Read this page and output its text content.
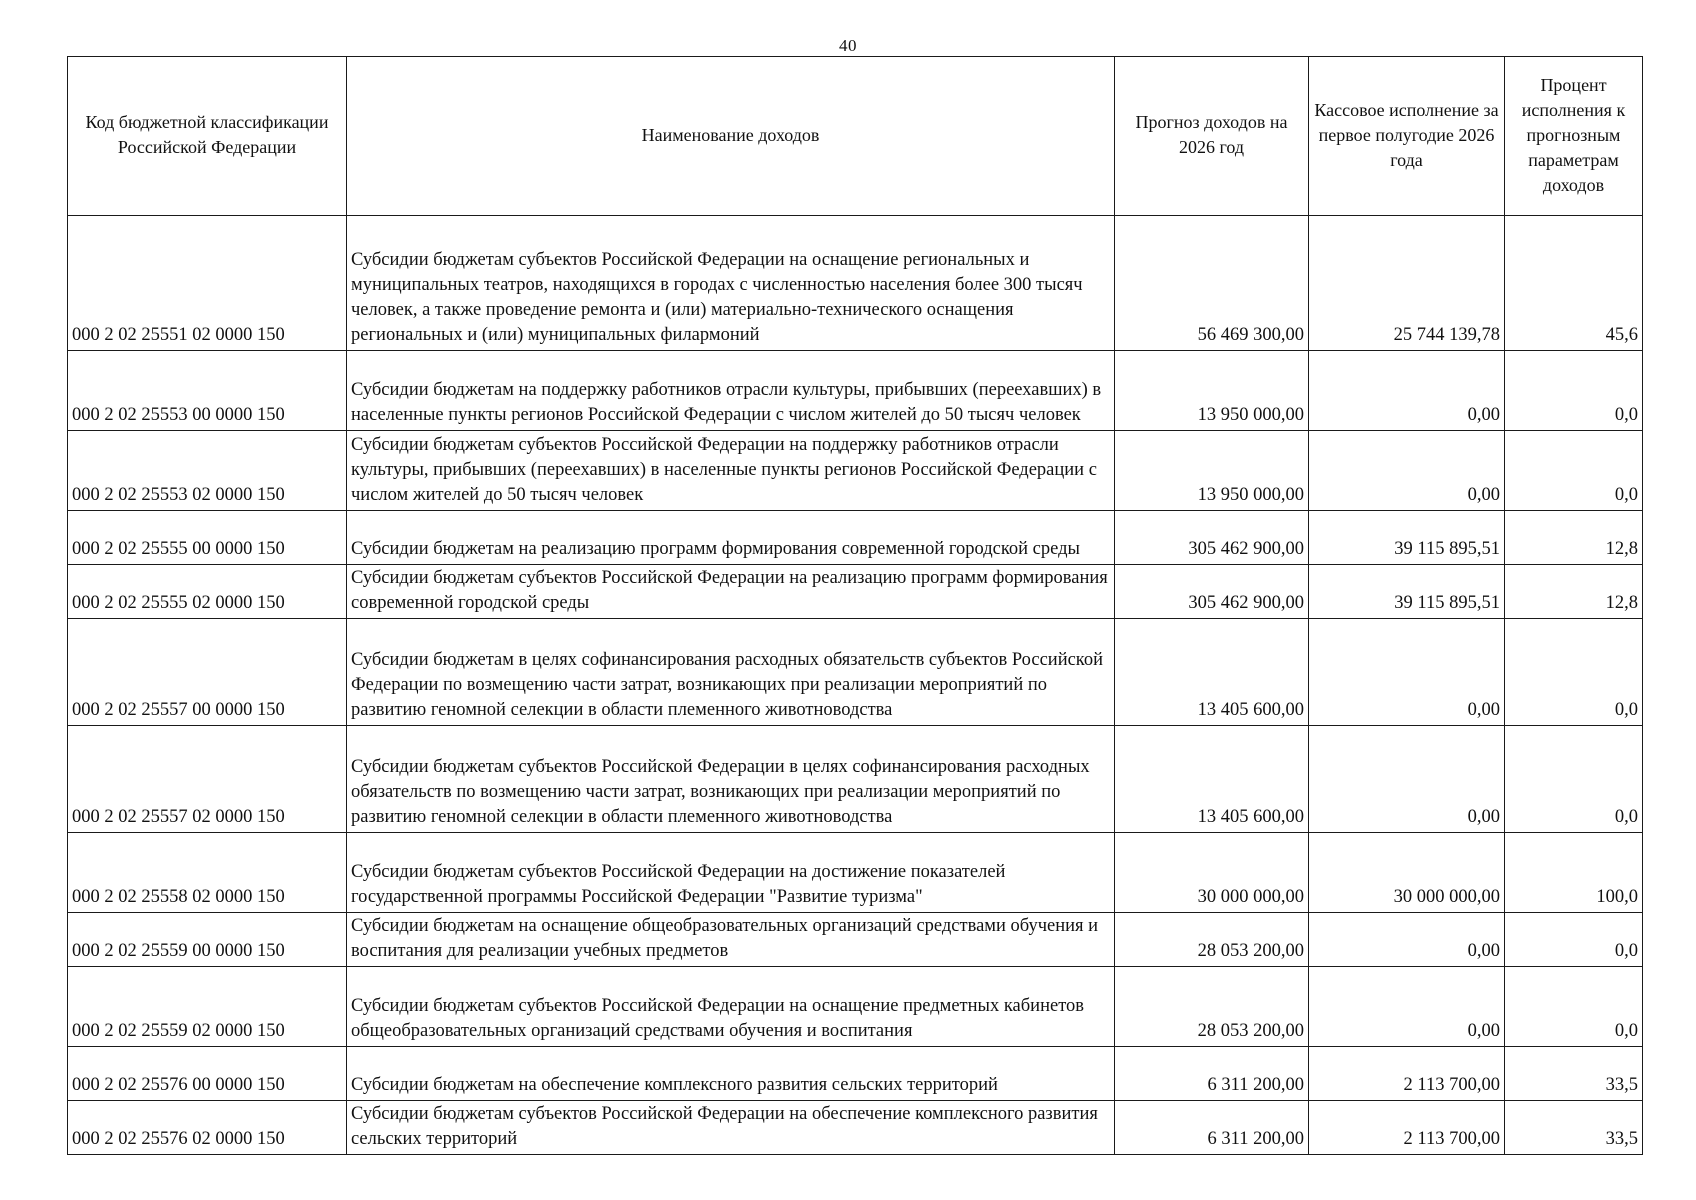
40
Код бюджетной классификации Российской Федерации	Наименование доходов	Прогноз доходов на 2026 год	Кассовое исполнение за первое полугодие 2026 года	Процент исполнения к прогнозным параметрам доходов
000 2 02 25551 02 0000 150	Субсидии бюджетам субъектов Российской Федерации на оснащение региональных и муниципальных театров, находящихся в городах с численностью населения более 300 тысяч человек, а также проведение ремонта и (или) материально-технического оснащения региональных и (или) муниципальных филармоний	56 469 300,00	25 744 139,78	45,6
000 2 02 25553 00 0000 150	Субсидии бюджетам на поддержку работников отрасли культуры, прибывших (переехавших) в населенные пункты регионов Российской Федерации с числом жителей до 50 тысяч человек	13 950 000,00	0,00	0,0
000 2 02 25553 02 0000 150	Субсидии бюджетам субъектов Российской Федерации на поддержку работников отрасли культуры, прибывших (переехавших) в населенные пункты регионов Российской Федерации с числом жителей до 50 тысяч человек	13 950 000,00	0,00	0,0
000 2 02 25555 00 0000 150	Субсидии бюджетам на реализацию программ формирования современной городской среды	305 462 900,00	39 115 895,51	12,8
000 2 02 25555 02 0000 150	Субсидии бюджетам субъектов Российской Федерации на реализацию программ формирования современной городской среды	305 462 900,00	39 115 895,51	12,8
000 2 02 25557 00 0000 150	Субсидии бюджетам в целях софинансирования расходных обязательств субъектов Российской Федерации по возмещению части затрат, возникающих при реализации мероприятий по развитию геномной селекции в области племенного животноводства	13 405 600,00	0,00	0,0
000 2 02 25557 02 0000 150	Субсидии бюджетам субъектов Российской Федерации в целях софинансирования расходных обязательств по возмещению части затрат, возникающих при реализации мероприятий по развитию геномной селекции в области племенного животноводства	13 405 600,00	0,00	0,0
000 2 02 25558 02 0000 150	Субсидии бюджетам субъектов Российской Федерации на достижение показателей государственной программы Российской Федерации "Развитие туризма"	30 000 000,00	30 000 000,00	100,0
000 2 02 25559 00 0000 150	Субсидии бюджетам на оснащение общеобразовательных организаций средствами обучения и воспитания для реализации учебных предметов	28 053 200,00	0,00	0,0
000 2 02 25559 02 0000 150	Субсидии бюджетам субъектов Российской Федерации на оснащение предметных кабинетов общеобразовательных организаций средствами обучения и воспитания	28 053 200,00	0,00	0,0
000 2 02 25576 00 0000 150	Субсидии бюджетам на обеспечение комплексного развития сельских территорий	6 311 200,00	2 113 700,00	33,5
000 2 02 25576 02 0000 150	Субсидии бюджетам субъектов Российской Федерации на обеспечение комплексного развития сельских территорий	6 311 200,00	2 113 700,00	33,5
